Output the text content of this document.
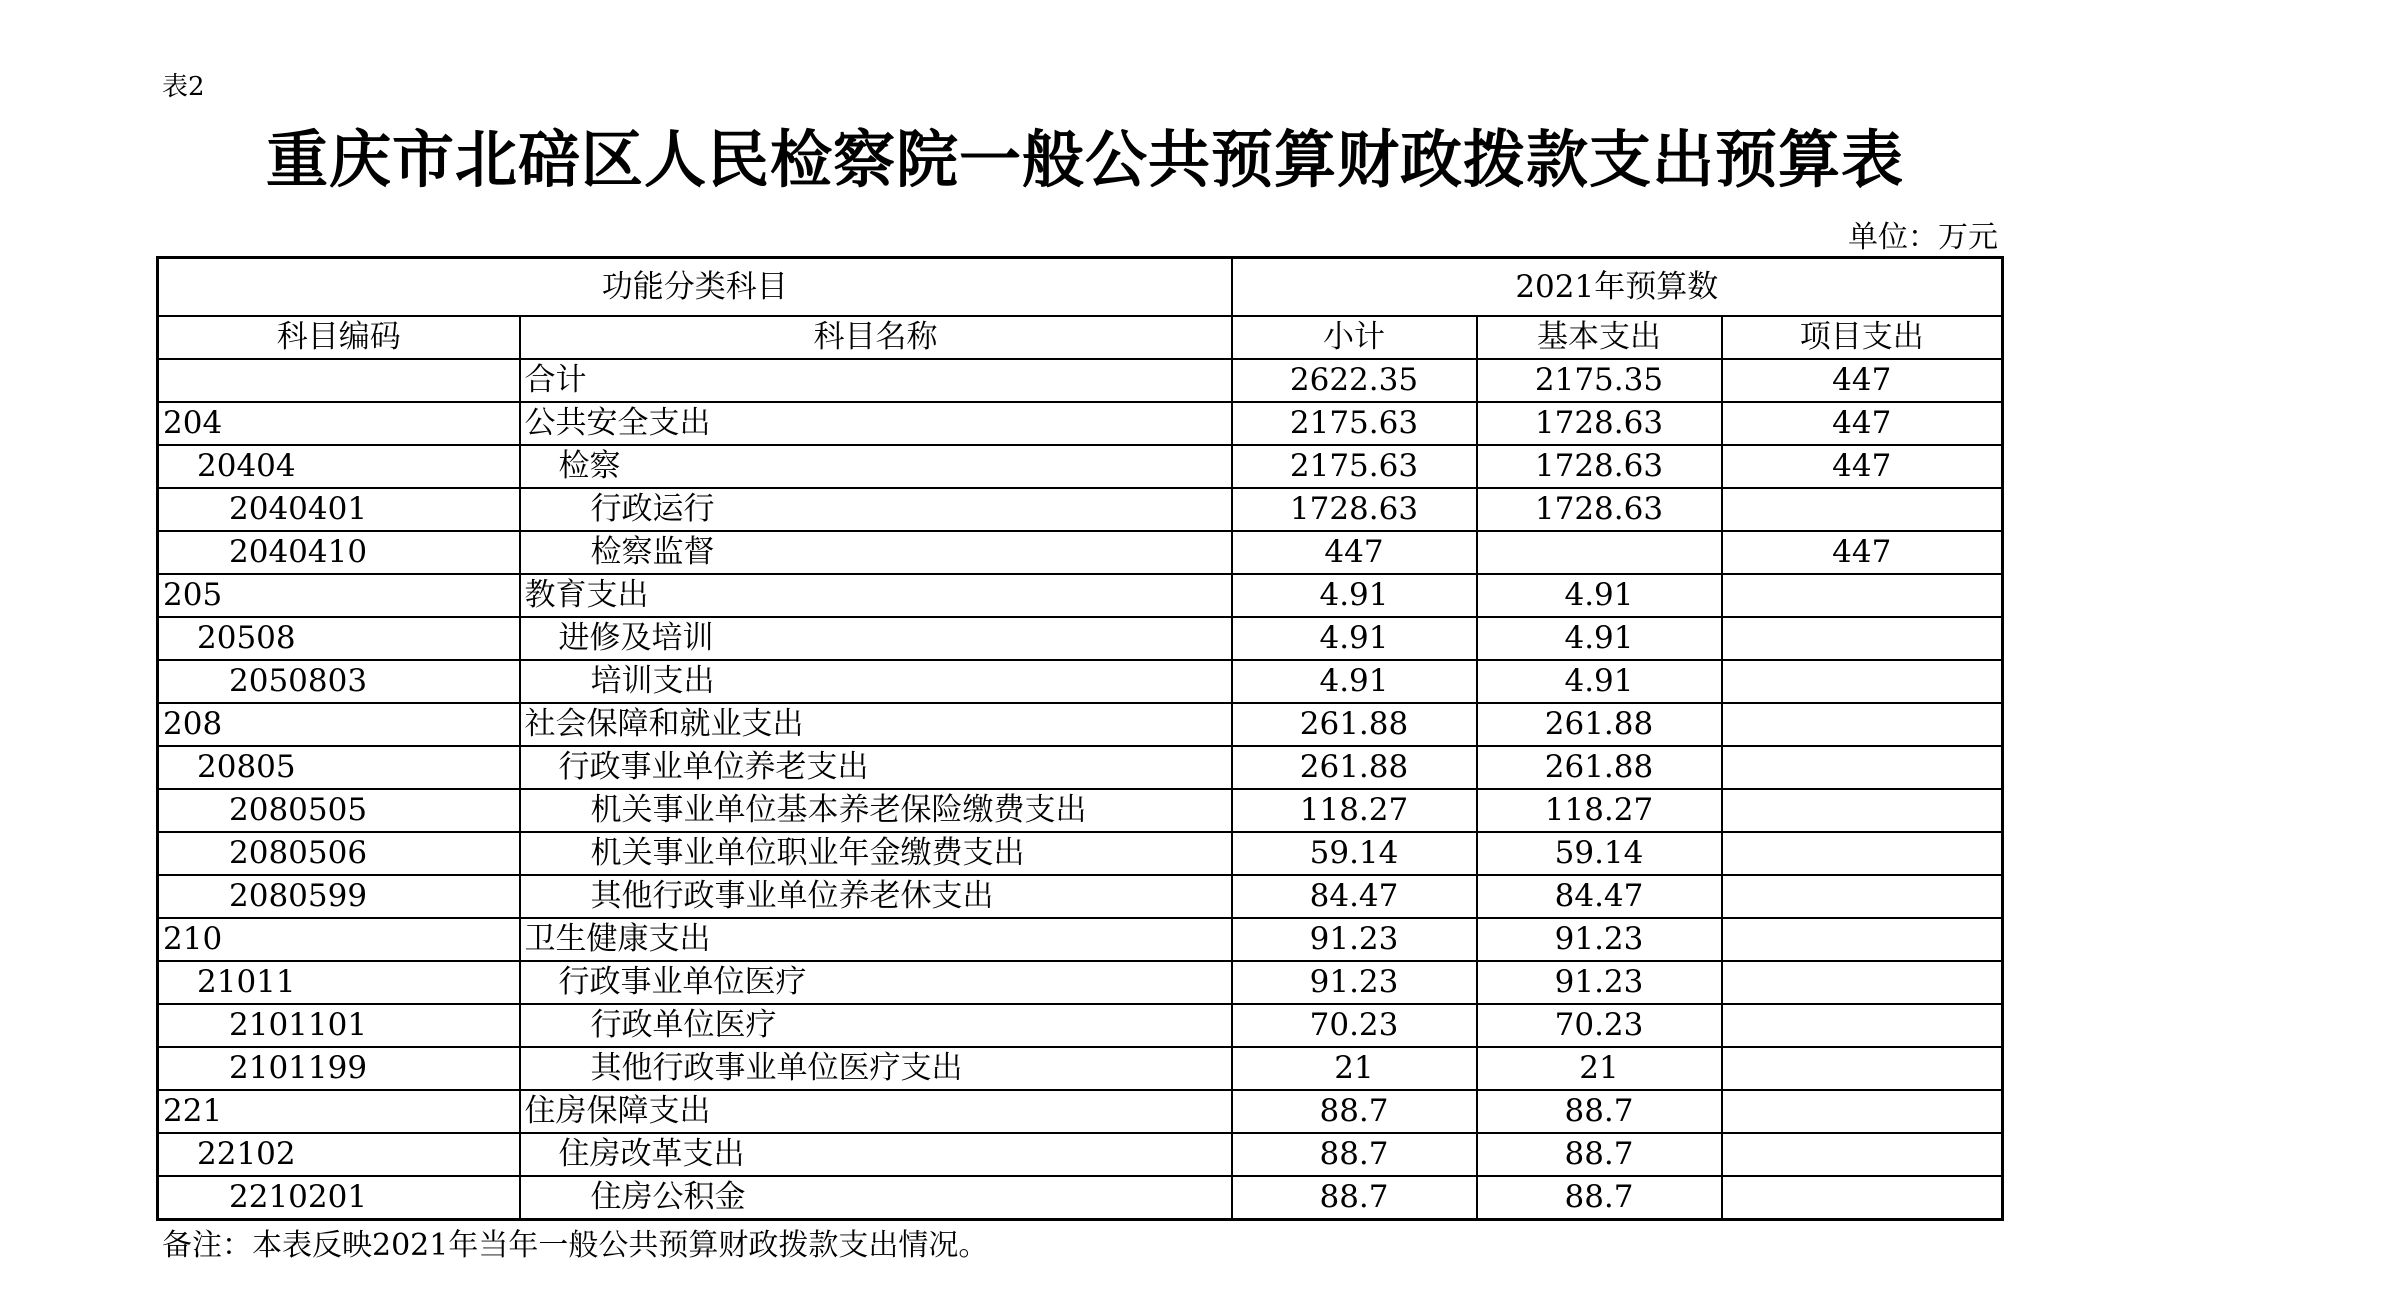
表2
重庆市北碚区人民检察院一般公共预算财政拨款支出预算表
单位：万元
功能分类科目		2021年预算数		
科目编码	科目名称	小计	基本支出	项目支出
	合计	2622.35	2175.35	447
204	公共安全支出	2175.63	1728.63	447
20404	检察	2175.63	1728.63	447
2040401	行政运行	1728.63	1728.63	
2040410	检察监督	447		447
205	教育支出	4.91	4.91	
20508	进修及培训	4.91	4.91	
2050803	培训支出	4.91	4.91	
208	社会保障和就业支出	261.88	261.88	
20805	行政事业单位养老支出	261.88	261.88	
2080505	机关事业单位基本养老保险缴费支出	118.27	118.27	
2080506	机关事业单位职业年金缴费支出	59.14	59.14	
2080599	其他行政事业单位养老休支出	84.47	84.47	
210	卫生健康支出	91.23	91.23	
21011	行政事业单位医疗	91.23	91.23	
2101101	行政单位医疗	70.23	70.23	
2101199	其他行政事业单位医疗支出	21	21	
221	住房保障支出	88.7	88.7	
22102	住房改革支出	88.7	88.7	
2210201	住房公积金	88.7	88.7	
备注：本表反映2021年当年一般公共预算财政拨款支出情况。
